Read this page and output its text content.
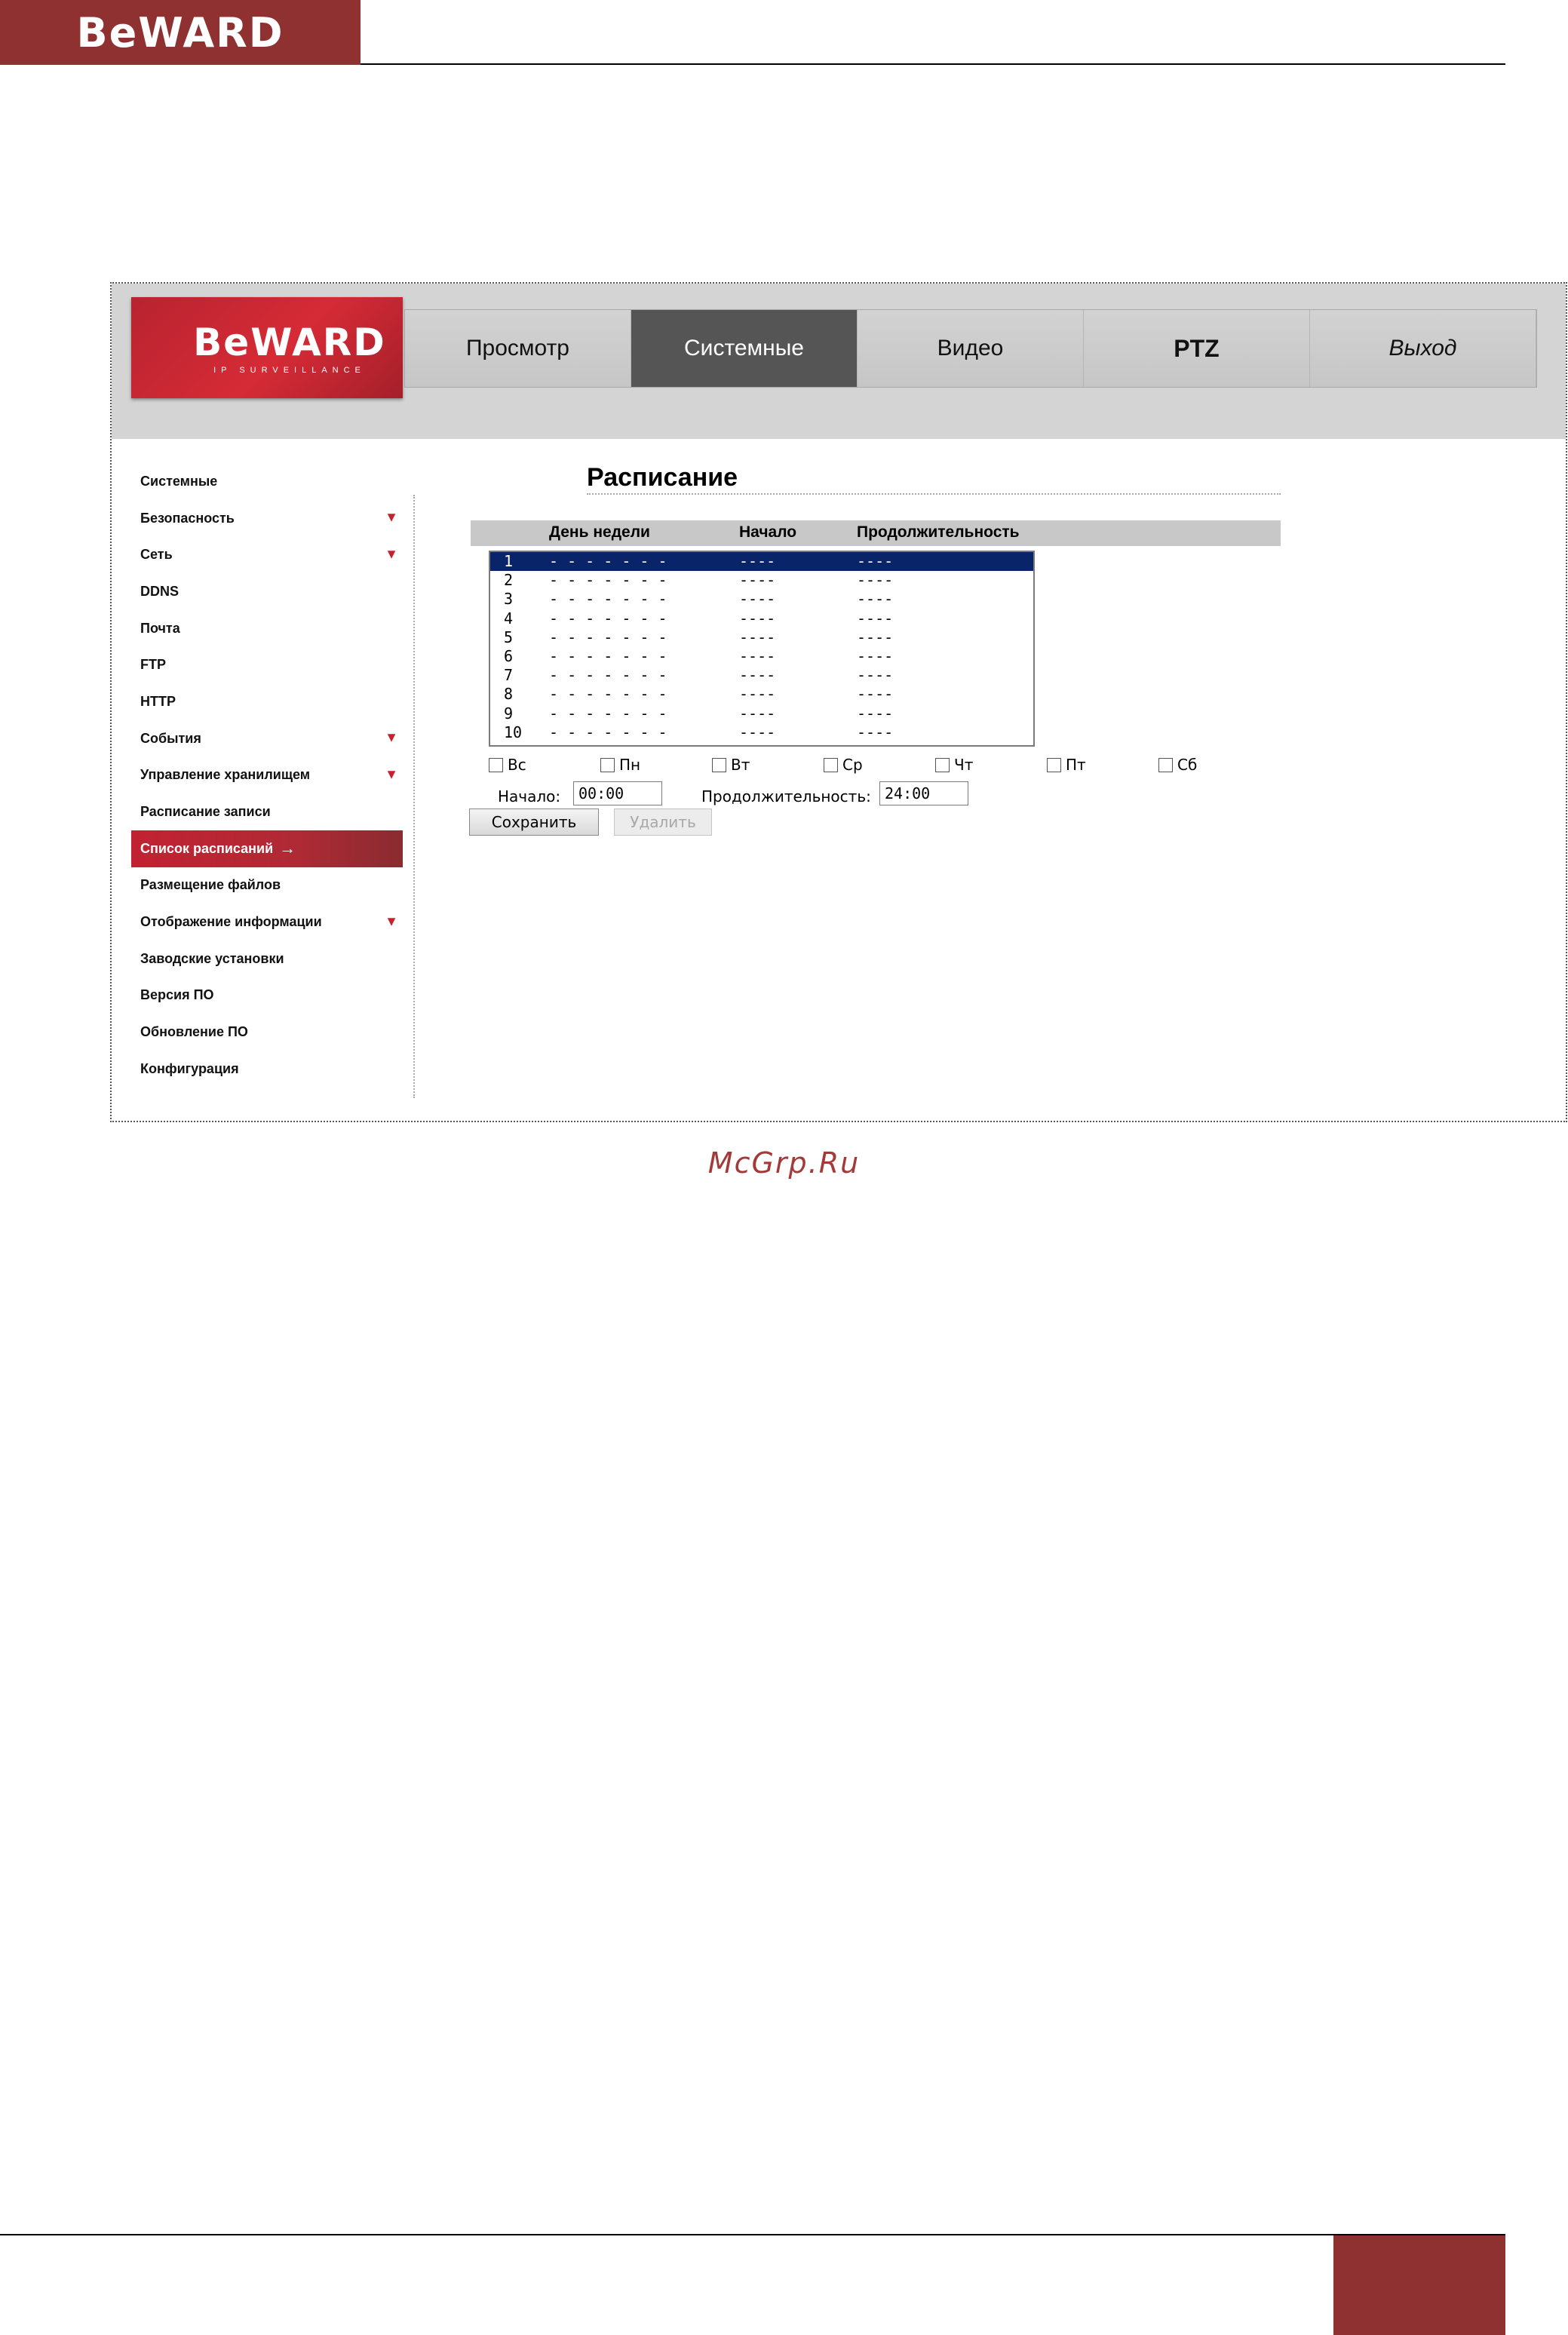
BeWARD
BeWARD
IP SURVEILLANCE
Просмотр	Системные	Видео	PTZ	Выход
Системные
Безопасность	▼
Сеть	▼
DDNS
Почта
FTP
HTTP
События	▼
Управление хранилищем	▼
Расписание записи
Список расписаний →
Размещение файлов
Отображение информации	▼
Заводские установки
Версия ПО
Обновление ПО
Конфигурация
Расписание
День недели	Начало	Продолжительность
1 - - - - - - -	----	----
2 - - - - - - -	----	----
3 - - - - - - -	----	----
4 - - - - - - -	----	----
5 - - - - - - -	----	----
6 - - - - - - -	----	----
7 - - - - - - -	----	----
8 - - - - - - -	----	----
9 - - - - - - -	----	----
10 - - - - - - -	----	----
Вс	Пн	Вт	Ср	Чт	Пт	Сб
Начало:	00:00	Продолжительность: 24:00
Сохранить	Удалить
McGrp.Ru
